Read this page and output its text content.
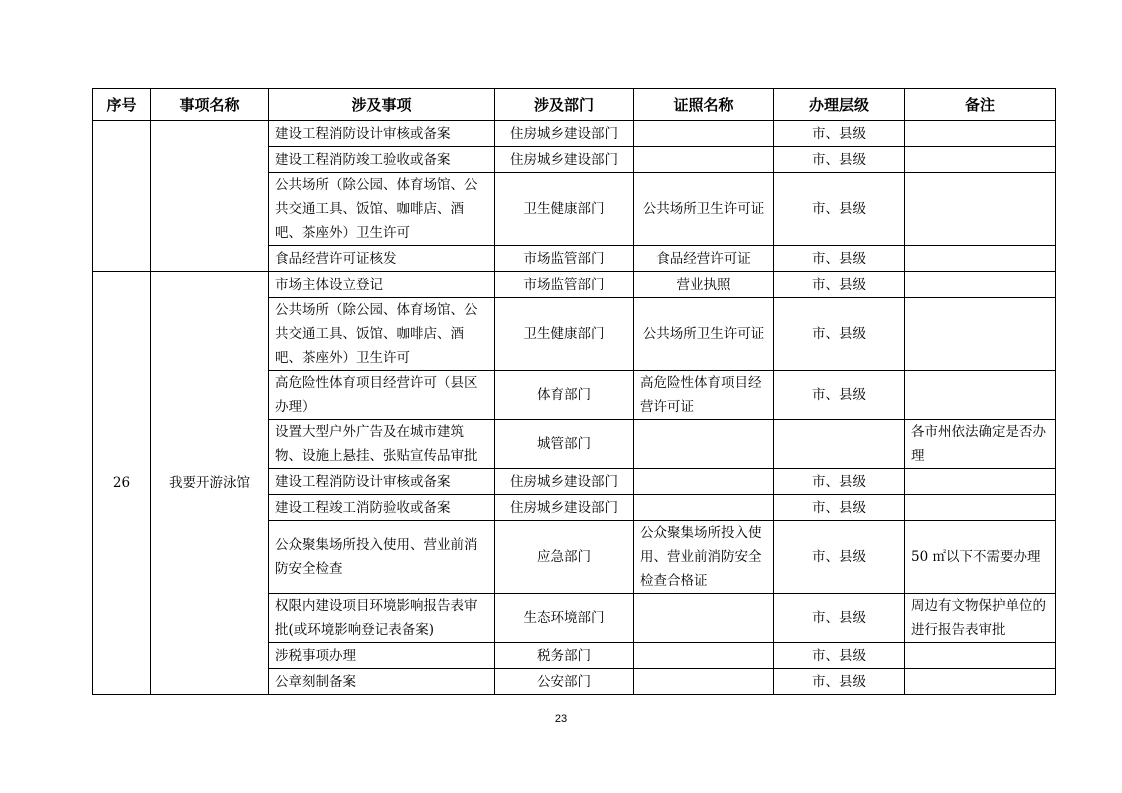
序号	事项名称	涉及事项	涉及部门	证照名称	办理层级	备注
		建设工程消防设计审核或备案	住房城乡建设部门		市、县级	
		建设工程消防竣工验收或备案	住房城乡建设部门		市、县级	
		公共场所（除公园、体育场馆、公共交通工具、饭馆、咖啡店、酒吧、茶座外）卫生许可	卫生健康部门	公共场所卫生许可证	市、县级	
		食品经营许可证核发	市场监管部门	食品经营许可证	市、县级	
26	我要开游泳馆	市场主体设立登记	市场监管部门	营业执照	市、县级	
		公共场所（除公园、体育场馆、公共交通工具、饭馆、咖啡店、酒吧、茶座外）卫生许可	卫生健康部门	公共场所卫生许可证	市、县级	
		高危险性体育项目经营许可（县区办理）	体育部门	高危险性体育项目经营许可证	市、县级	
		设置大型户外广告及在城市建筑物、设施上悬挂、张贴宣传品审批	城管部门			各市州依法确定是否办理
		建设工程消防设计审核或备案	住房城乡建设部门		市、县级	
		建设工程竣工消防验收或备案	住房城乡建设部门		市、县级	
		公众聚集场所投入使用、营业前消防安全检查	应急部门	公众聚集场所投入使用、营业前消防安全检查合格证	市、县级	50 ㎡以下不需要办理
		权限内建设项目环境影响报告表审批(或环境影响登记表备案)	生态环境部门		市、县级	周边有文物保护单位的进行报告表审批
		涉税事项办理	税务部门		市、县级	
		公章刻制备案	公安部门		市、县级	
23
